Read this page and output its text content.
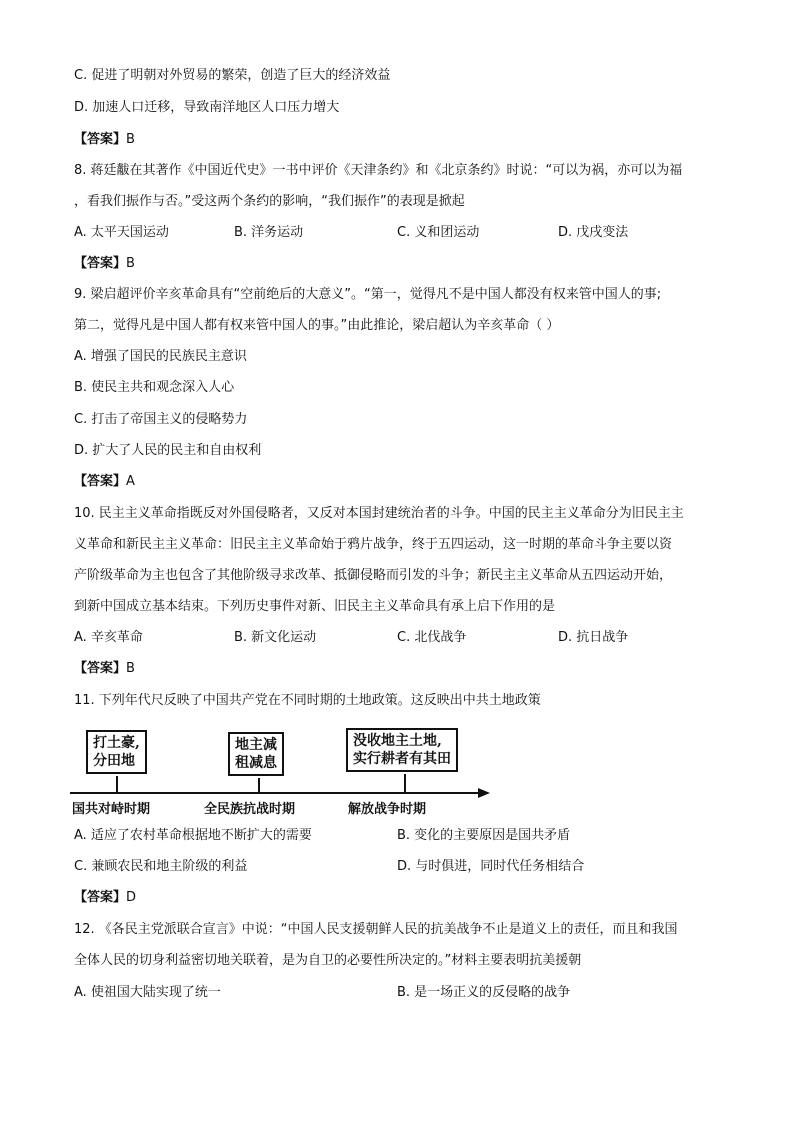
C. 促进了明朝对外贸易的繁荣，创造了巨大的经济效益
D. 加速人口迁移，导致南洋地区人口压力增大
【答案】B
8. 蒋廷黻在其著作《中国近代史》一书中评价《天津条约》和《北京条约》时说：“可以为祸，亦可以为福
，看我们振作与否。”受这两个条约的影响，“我们振作”的表现是掀起
A. 太平天国运动	B. 洋务运动	C. 义和团运动	D. 戊戌变法
【答案】B
9. 梁启超评价辛亥革命具有“空前绝后的大意义”。“第一，觉得凡不是中国人都没有权来管中国人的事;
第二，觉得凡是中国人都有权来管中国人的事。”由此推论，梁启超认为辛亥革命（ ）
A. 增强了国民的民族民主意识
B. 使民主共和观念深入人心
C. 打击了帝国主义的侵略势力
D. 扩大了人民的民主和自由权利
【答案】A
10. 民主主义革命指既反对外国侵略者，又反对本国封建统治者的斗争。中国的民主主义革命分为旧民主主
义革命和新民主主义革命：旧民主主义革命始于鸦片战争，终于五四运动，这一时期的革命斗争主要以资
产阶级革命为主也包含了其他阶级寻求改革、抵御侵略而引发的斗争；新民主主义革命从五四运动开始，
到新中国成立基本结束。下列历史事件对新、旧民主主义革命具有承上启下作用的是
A. 辛亥革命	B. 新文化运动	C. 北伐战争	D. 抗日战争
【答案】B
11. 下列年代尺反映了中国共产党在不同时期的土地政策。这反映出中共土地政策
打土豪,
分田地
地主减
租减息
没收地主土地,
实行耕者有其田
国共对峙时期	全民族抗战时期	解放战争时期
A. 适应了农村革命根据地不断扩大的需要	B. 变化的主要原因是国共矛盾
C. 兼顾农民和地主阶级的利益	D. 与时俱进，同时代任务相结合
【答案】D
12. 《各民主党派联合宣言》中说：“中国人民支援朝鲜人民的抗美战争不止是道义上的责任，而且和我国
全体人民的切身利益密切地关联着，是为自卫的必要性所决定的。”材料主要表明抗美援朝
A. 使祖国大陆实现了统一	B. 是一场正义的反侵略的战争
